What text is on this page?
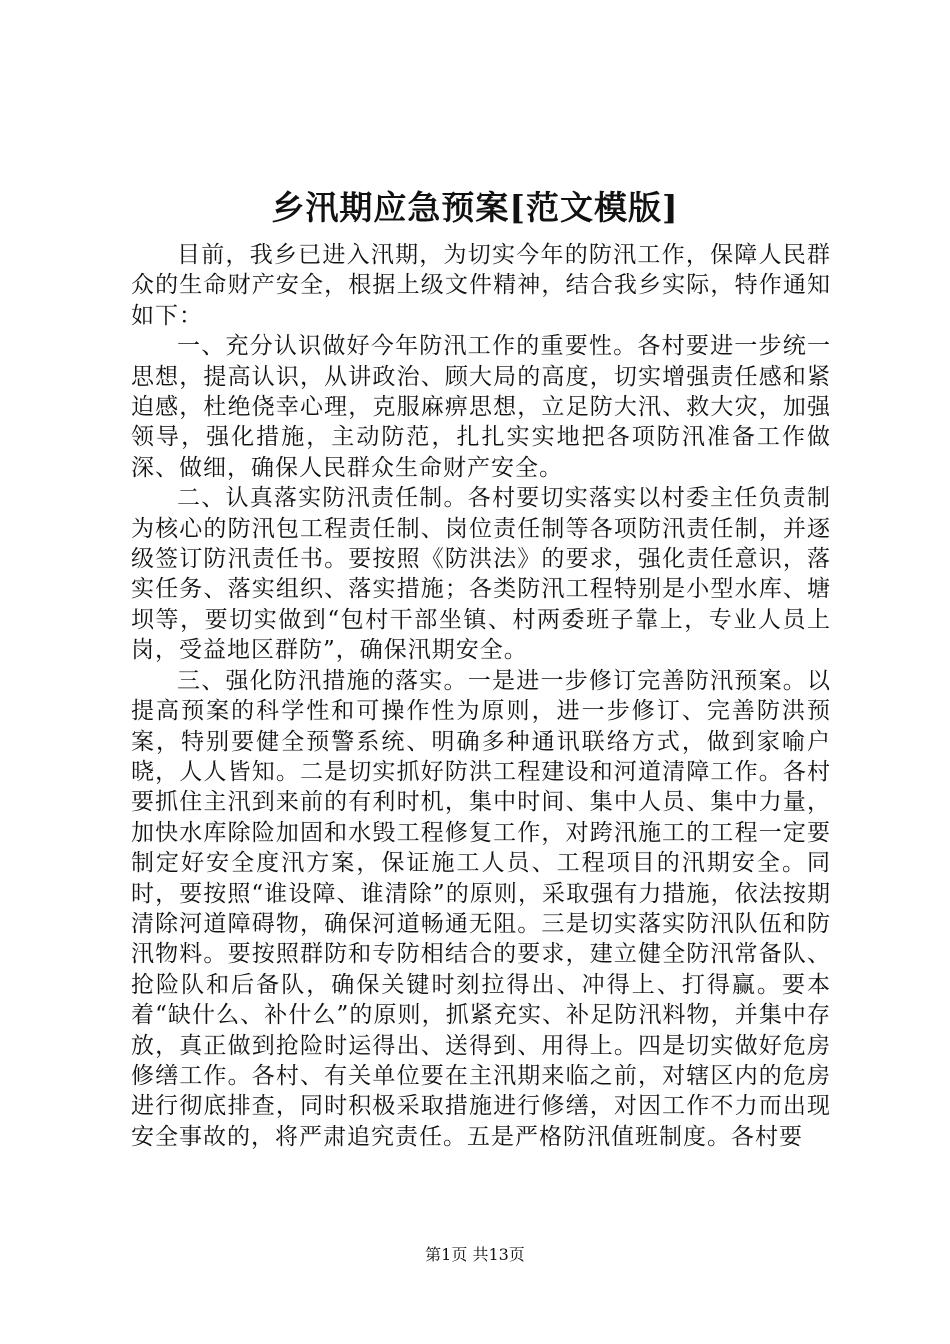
乡汛期应急预案[范文模版]

目前，我乡已进入汛期，为切实今年的防汛工作，保障人民群众的生命财产安全，根据上级文件精神，结合我乡实际，特作通知如下：

一、充分认识做好今年防汛工作的重要性。各村要进一步统一思想，提高认识，从讲政治、顾大局的高度，切实增强责任感和紧迫感，杜绝侥幸心理，克服麻痹思想，立足防大汛、救大灾，加强领导，强化措施，主动防范，扎扎实实地把各项防汛准备工作做深、做细，确保人民群众生命财产安全。

二、认真落实防汛责任制。各村要切实落实以村委主任负责制为核心的防汛包工程责任制、岗位责任制等各项防汛责任制，并逐级签订防汛责任书。要按照《防洪法》的要求，强化责任意识，落实任务、落实组织、落实措施；各类防汛工程特别是小型水库、塘坝等，要切实做到“包村干部坐镇、村两委班子靠上，专业人员上岗，受益地区群防”，确保汛期安全。

三、强化防汛措施的落实。一是进一步修订完善防汛预案。以提高预案的科学性和可操作性为原则，进一步修订、完善防洪预案，特别要健全预警系统、明确多种通讯联络方式，做到家喻户晓，人人皆知。二是切实抓好防洪工程建设和河道清障工作。各村要抓住主汛到来前的有利时机，集中时间、集中人员、集中力量，加快水库除险加固和水毁工程修复工作，对跨汛施工的工程一定要制定好安全度汛方案，保证施工人员、工程项目的汛期安全。同时，要按照“谁设障、谁清除”的原则，采取强有力措施，依法按期清除河道障碍物，确保河道畅通无阻。三是切实落实防汛队伍和防汛物料。要按照群防和专防相结合的要求，建立健全防汛常备队、抢险队和后备队，确保关键时刻拉得出、冲得上、打得赢。要本着“缺什么、补什么”的原则，抓紧充实、补足防汛料物，并集中存放，真正做到抢险时运得出、送得到、用得上。四是切实做好危房修缮工作。各村、有关单位要在主汛期来临之前，对辖区内的危房进行彻底排查，同时积极采取措施进行修缮，对因工作不力而出现安全事故的，将严肃追究责任。五是严格防汛值班制度。各村要

第1页 共13页
